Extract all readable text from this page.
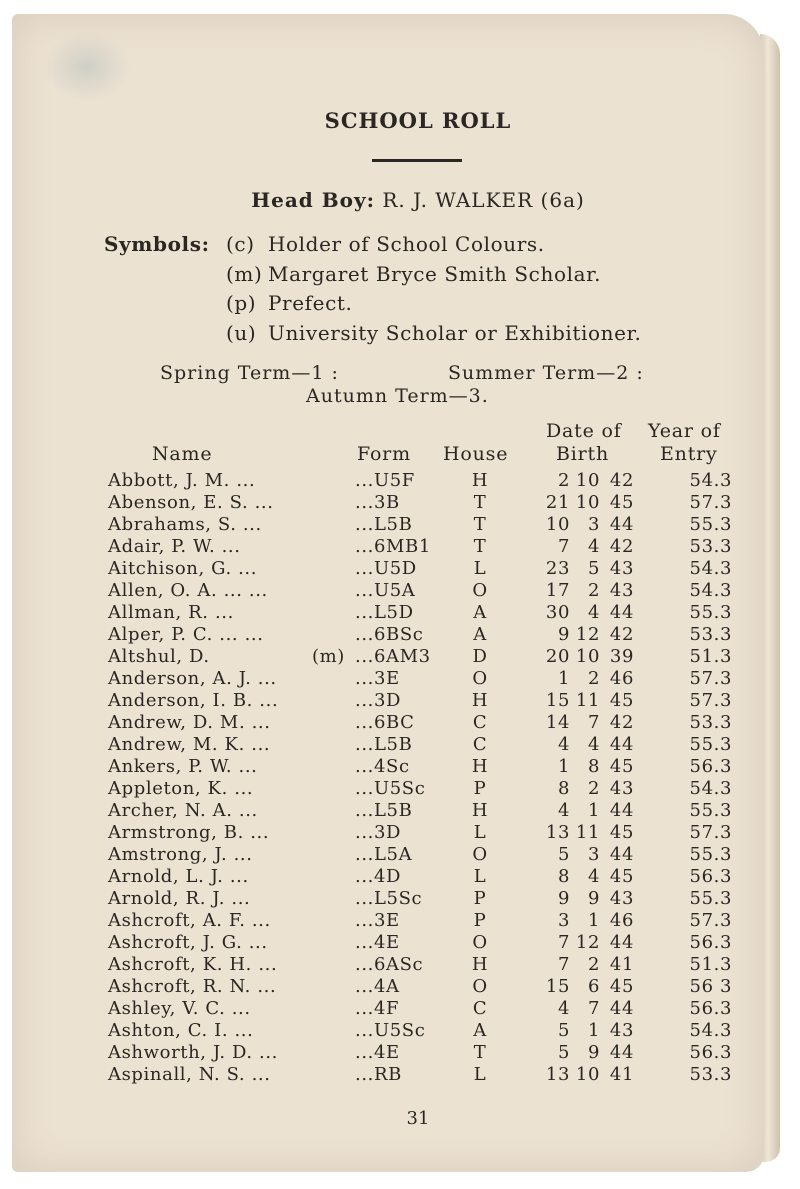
SCHOOL ROLL
Head Boy: R. J. WALKER (6a)
Symbols: (c) Holder of School Colours.
(m) Margaret Bryce Smith Scholar.
(p) Prefect.
(u) University Scholar or Exhibitioner.
Spring Term—1 :	Summer Term—2 :
Autumn Term—3.
Date of Year of
Name	Form House	Birth	Entry
Abbott, J. M. ...	...U5F	H	2 10 42	54.3
Abenson, E. S. ...	...3B	T	21 10 45	57.3
Abrahams, S. ...	...L5B	T	10 3 44	55.3
Adair, P. W. ...	...6MB1	T	7 4 42	53.3
Aitchison, G. ...	...U5D	L	23 5 43	54.3
Allen, O. A. ... ...	...U5A	O	17 2 43	54.3
Allman, R. ...	...L5D	A	30 4 44	55.3
Alper, P. C. ... ...	...6BSc	A	9 12 42	53.3
Altshul, D.	(m) ...6AM3	D	20 10 39	51.3
Anderson, A. J. ...	...3E	O	1 2 46	57.3
Anderson, I. B. ...	...3D	H	15 11 45	57.3
Andrew, D. M. ...	...6BC	C	14 7 42	53.3
Andrew, M. K. ...	...L5B	C	4 4 44	55.3
Ankers, P. W. ...	...4Sc	H	1 8 45	56.3
Appleton, K. ...	...U5Sc	P	8 2 43	54.3
Archer, N. A. ...	...L5B	H	4 1 44	55.3
Armstrong, B. ...	...3D	L	13 11 45	57.3
Amstrong, J. ...	...L5A	O	5 3 44	55.3
Arnold, L. J. ...	...4D	L	8 4 45	56.3
Arnold, R. J. ...	...L5Sc	P	9 9 43	55.3
Ashcroft, A. F. ...	...3E	P	3 1 46	57.3
Ashcroft, J. G. ...	...4E	O	7 12 44	56.3
Ashcroft, K. H. ...	...6ASc	H	7 2 41	51.3
Ashcroft, R. N. ...	...4A	O	15 6 45	56 3
Ashley, V. C. ...	...4F	C	4 7 44	56.3
Ashton, C. I. ...	...U5Sc	A	5 1 43	54.3
Ashworth, J. D. ...	...4E	T	5 9 44	56.3
Aspinall, N. S. ...	...RB	L	13 10 41	53.3
31
